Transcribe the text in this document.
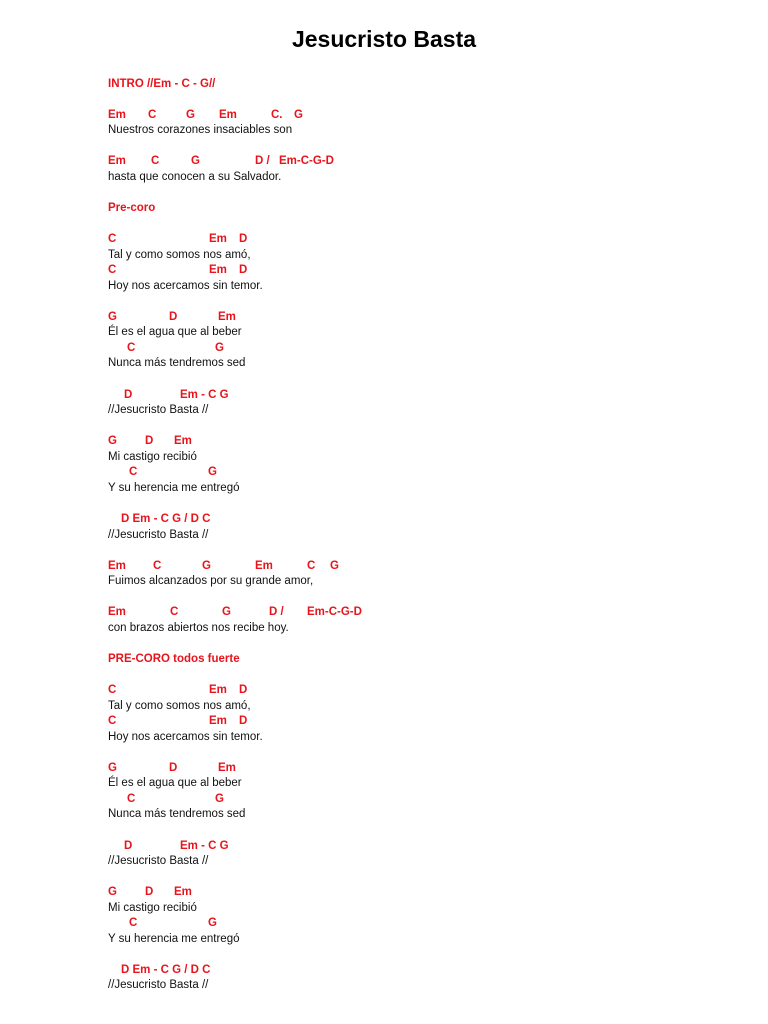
Jesucristo Basta
INTRO //Em - C - G//
Em C	G Em	C. G
Nuestros corazones insaciables son
Em C	G	D / Em-C-G-D
hasta que conocen a su Salvador.
Pre-coro
C	Em D
Tal y como somos nos amó,
C	Em D
Hoy nos acercamos sin temor.
G	D	Em
Él es el agua que al beber
C	G
Nunca más tendremos sed
D	Em - C G
//Jesucristo Basta //
G D Em
Mi castigo recibió
C	G
Y su herencia me entregó
D Em - C G / D C
//Jesucristo Basta //
Em C	G	Em	C G
Fuimos alcanzados por su grande amor,
Em	C	G	D / Em-C-G-D
con brazos abiertos nos recibe hoy.
PRE-CORO todos fuerte
C	Em D
Tal y como somos nos amó,
C	Em D
Hoy nos acercamos sin temor.
G	D	Em
Él es el agua que al beber
C	G
Nunca más tendremos sed
D	Em - C G
//Jesucristo Basta //
G D Em
Mi castigo recibió
C	G
Y su herencia me entregó
D Em - C G / D C
//Jesucristo Basta //
